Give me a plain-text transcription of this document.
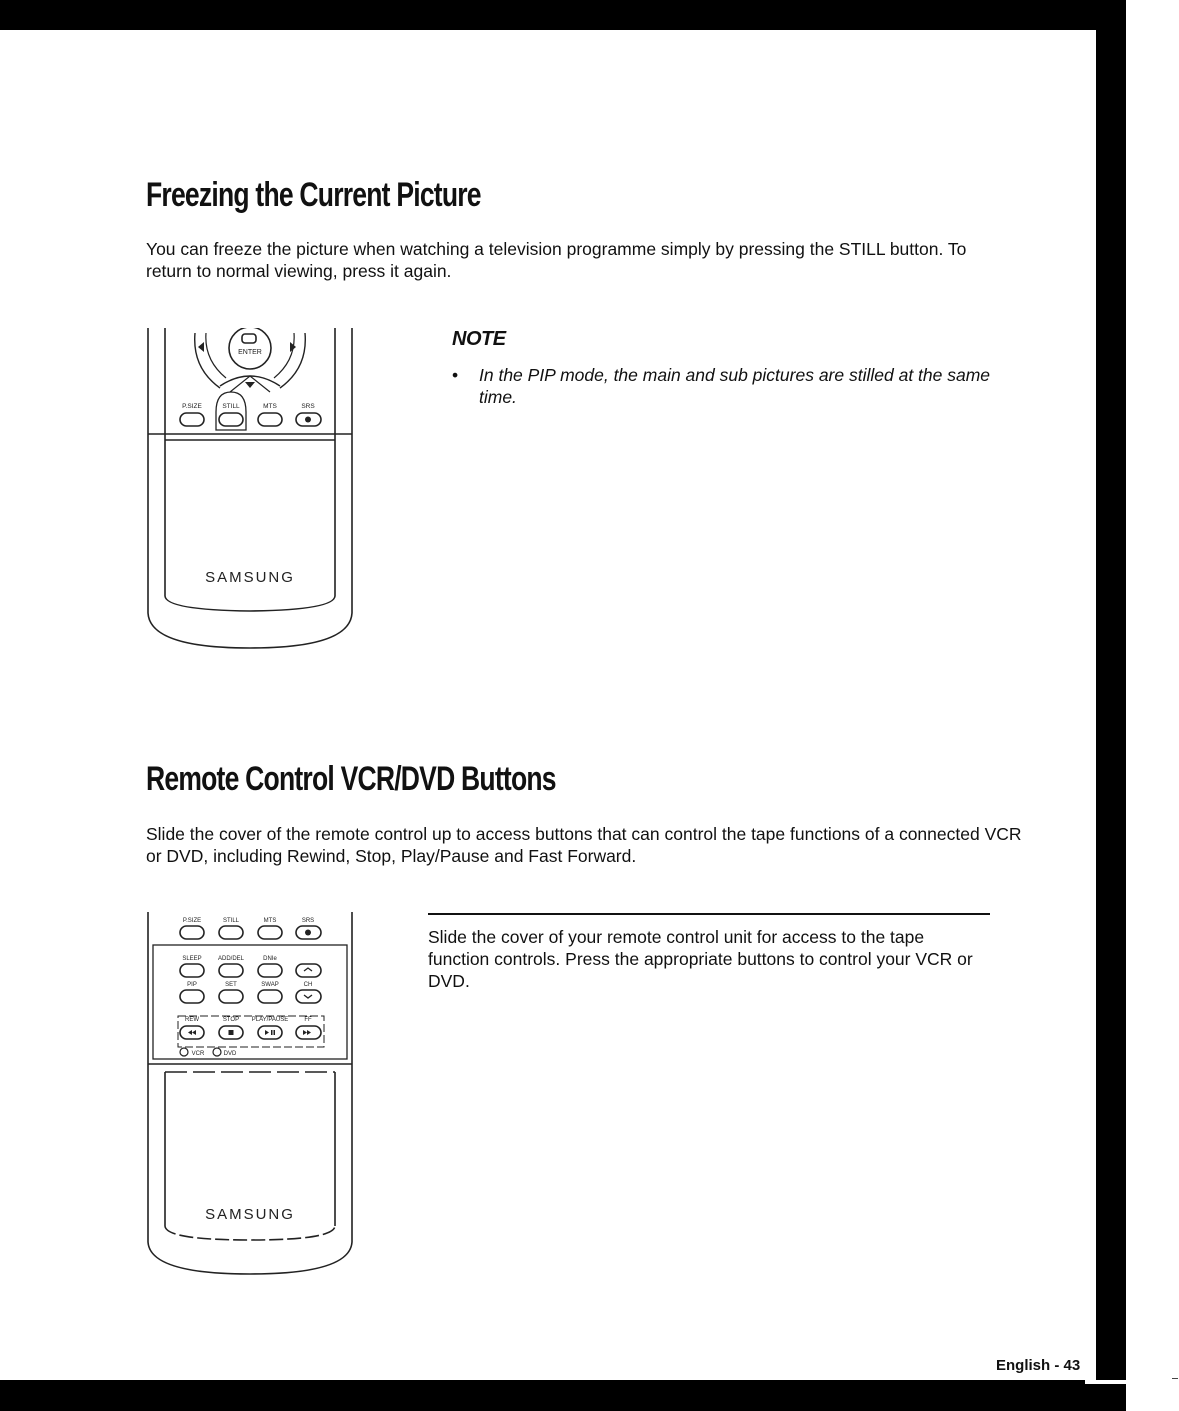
Freezing the Current Picture

You can freeze the picture when watching a television programme simply by pressing the STILL button. To return to normal viewing, press it again.

ENTER
P.SIZE	STILL	MTS	SRS
SAMSUNG
NOTE
• In the PIP mode, the main and sub pictures are stilled at the same time.
Remote Control VCR/DVD Buttons

Slide the cover of the remote control up to access buttons that can control the tape functions of a connected VCR or DVD, including Rewind, Stop, Play/Pause and Fast Forward.

P.SIZE	STILL	MTS	SRS
SLEEP	ADD/DEL	DNIe
PIP	SET	SWAP	CH
REW	STOP PLAY/PAUSE	FF
VCR	DVD
SAMSUNG

Slide the cover of your remote control unit for access to the tape function controls. Press the appropriate buttons to control your VCR or DVD.

English - 43
